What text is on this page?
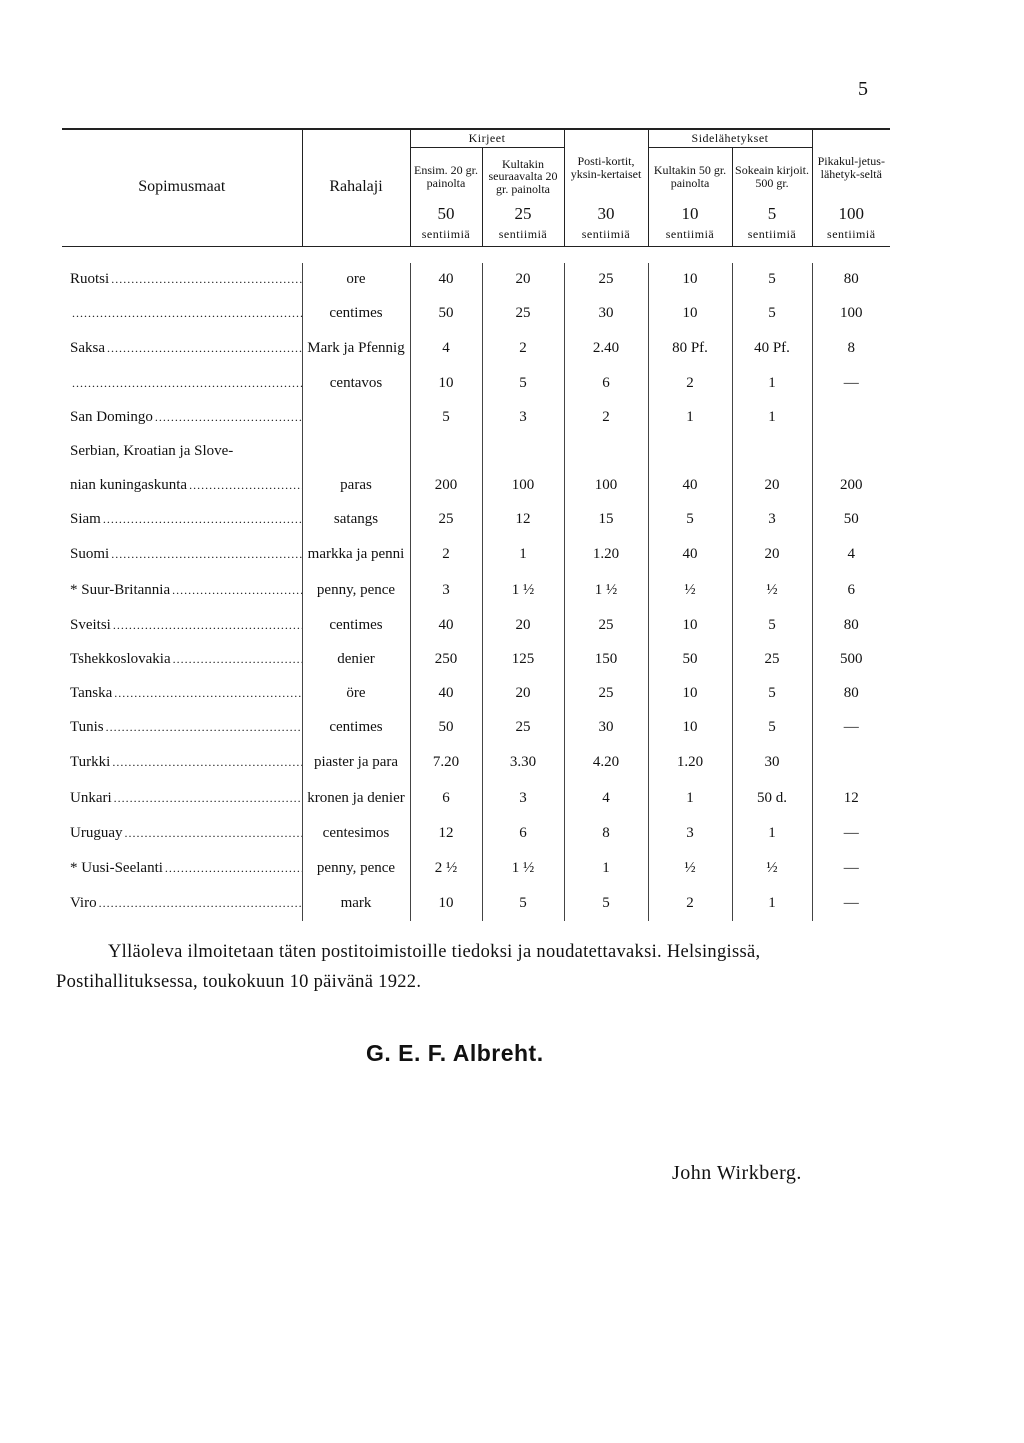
5
Sopimusmaat	Rahalaji	Kirjeet		Posti-kortit, yksin-kertaiset	Sidelähetykset		Pikakul-jetus-lähetyk-seltä
		Ensim. 20 gr. painolta	Kultakin seuraavalta 20 gr. painolta		Kultakin 50 gr. painolta	Sokeain kirjoit. 500 gr.	
		50	25	30	10	5	100
		sentiimiä	sentiimiä	sentiimiä	sentiimiä	sentiimiä	sentiimiä

Ruotsi .....	ore	40	20	25	10	5	80
.....	centimes	50	25	30	10	5	100
Saksa .....	Mark ja Pfennig	4	2	2.40	80 Pf.	40 Pf.	8
.....	centavos	10	5	6	2	1	—
San Domingo .....		5	3	2	1	1	
Serbian, Kroatian ja Slove-							
nian kuningaskunta .....	paras	200	100	100	40	20	200
Siam .....	satangs	25	12	15	5	3	50
Suomi .....	markka ja penni	2	1	1.20	40	20	4
* Suur-Britannia .....	penny, pence	3	1 ½	1 ½	½	½	6
Sveitsi .....	centimes	40	20	25	10	5	80
Tshekkoslovakia .....	denier	250	125	150	50	25	500
Tanska .....	öre	40	20	25	10	5	80
Tunis .....	centimes	50	25	30	10	5	—
Turkki .....	piaster ja para	7.20	3.30	4.20	1.20	30	
Unkari .....	kronen ja denier	6	3	4	1	50 d.	12
Uruguay .....	centesimos	12	6	8	3	1	—
* Uusi-Seelanti .....	penny, pence	2 ½	1 ½	1	½	½	—
Viro .....	mark	10	5	5	2	1	—
Ylläoleva ilmoitetaan täten postitoimistoille tiedoksi ja noudatettavaksi. Helsingissä, Postihallituksessa, toukokuun 10 päivänä 1922.
G. E. F. Albreht.
John Wirkberg.
